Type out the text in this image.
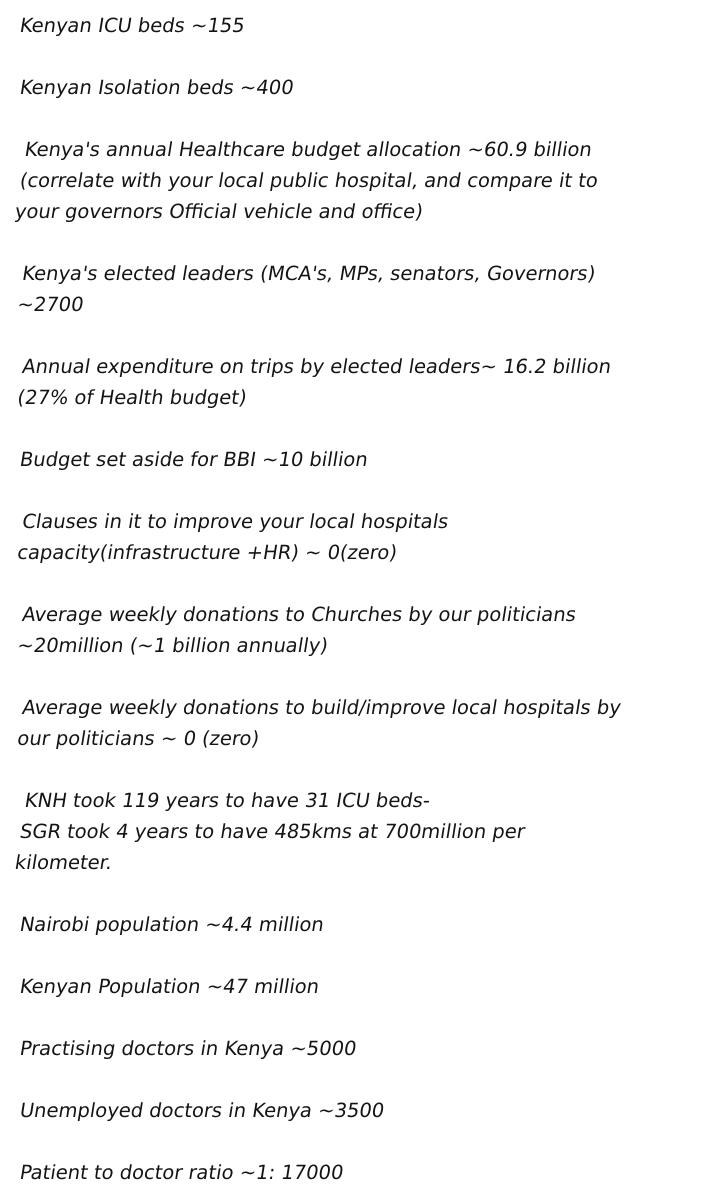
Kenyan ICU beds ~155

Kenyan Isolation beds ~400

Kenya's annual Healthcare budget allocation ~60.9 billion
(correlate with your local public hospital, and compare it to
your governors Official vehicle and office)

Kenya's elected leaders (MCA's, MPs, senators, Governors)
~2700

Annual expenditure on trips by elected leaders~ 16.2 billion
(27% of Health budget)

Budget set aside for BBI ~10 billion

Clauses in it to improve your local hospitals
capacity(infrastructure +HR) ~ 0(zero)

Average weekly donations to Churches by our politicians
~20million (~1 billion annually)

Average weekly donations to build/improve local hospitals by
our politicians ~ 0 (zero)

KNH took 119 years to have 31 ICU beds-
SGR took 4 years to have 485kms at 700million per
kilometer.

Nairobi population ~4.4 million

Kenyan Population ~47 million

Practising doctors in Kenya ~5000

Unemployed doctors in Kenya ~3500

Patient to doctor ratio ~1: 17000
